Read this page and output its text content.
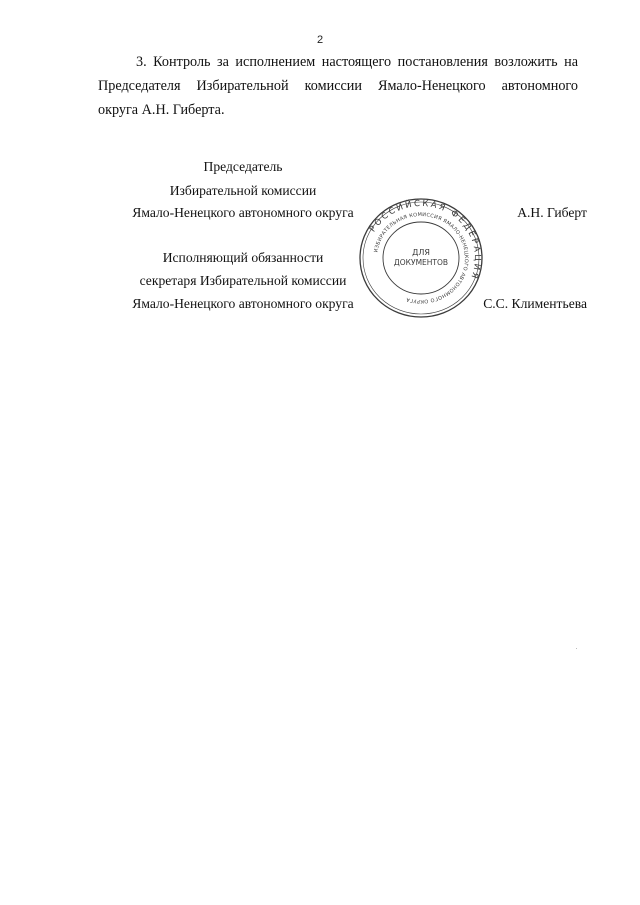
2

3. Контроль за исполнением настоящего постановления возложить на
Председателя Избирательной комиссии Ямало-Ненецкого автономного
округа А.Н. Гиберта.

Председатель
Избирательной комиссии
Ямало-Ненецкого автономного округа	А.Н. Гиберт
Исполняющий обязанности
секретаря Избирательной комиссии
Ямало-Ненецкого автономного округа	С.С. Климентьева
РОССИЙСКАЯ ФЕДЕРАЦИЯ
ИЗБИРАТЕЛЬНАЯ КОМИССИЯ ЯМАЛО-НЕНЕЦКОГО АВТОНОМНОГО ОКРУГА
ДЛЯ
ДОКУМЕНТОВ
